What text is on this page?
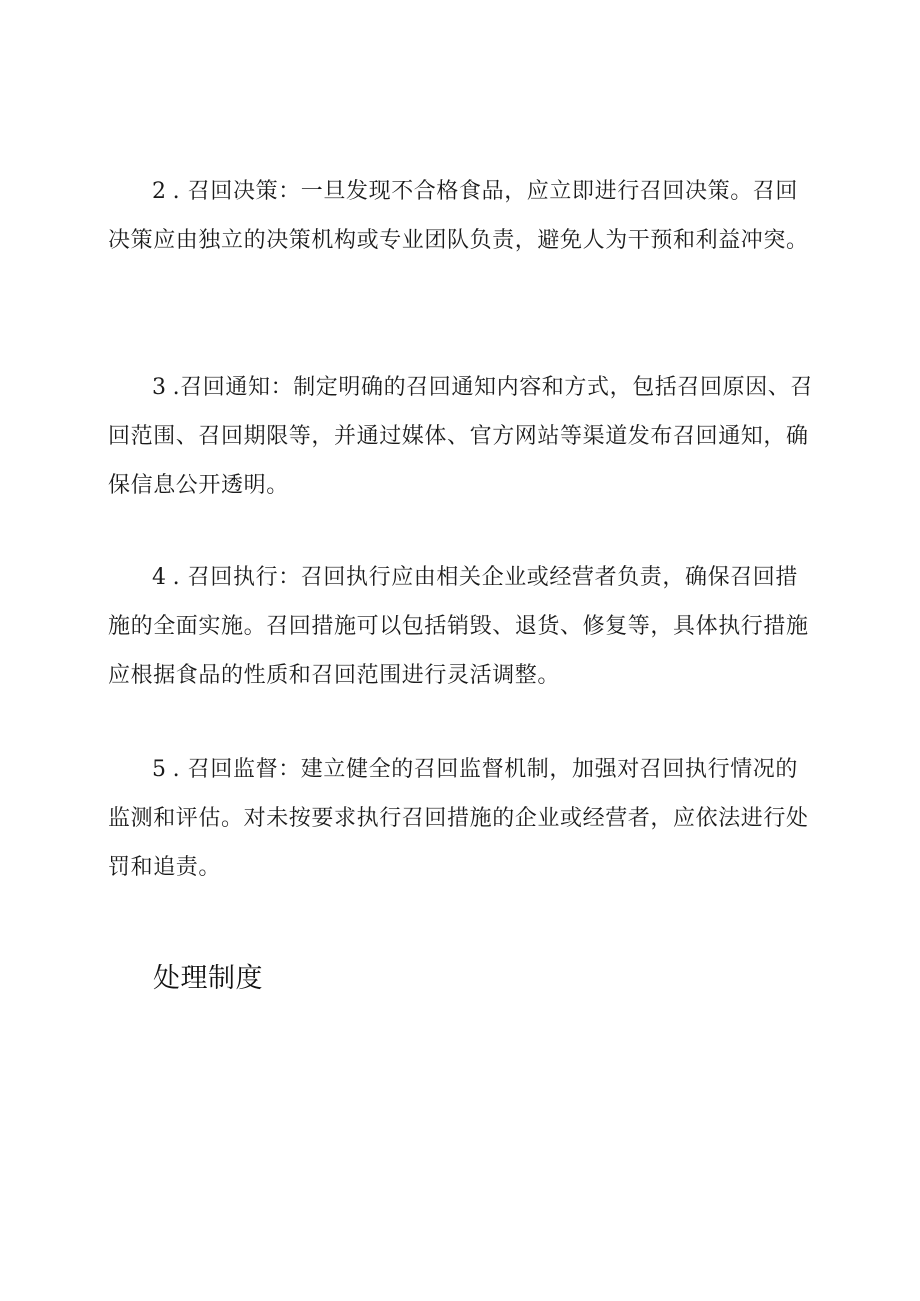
2 . 召回决策：一旦发现不合格食品，应立即进行召回决策。召回决策应由独立的决策机构或专业团队负责，避免人为干预和利益冲突。

3 .召回通知：制定明确的召回通知内容和方式，包括召回原因、召回范围、召回期限等，并通过媒体、官方网站等渠道发布召回通知，确保信息公开透明。

4 . 召回执行：召回执行应由相关企业或经营者负责，确保召回措施的全面实施。召回措施可以包括销毁、退货、修复等，具体执行措施应根据食品的性质和召回范围进行灵活调整。

5 . 召回监督：建立健全的召回监督机制，加强对召回执行情况的监测和评估。对未按要求执行召回措施的企业或经营者，应依法进行处罚和追责。

处理制度
